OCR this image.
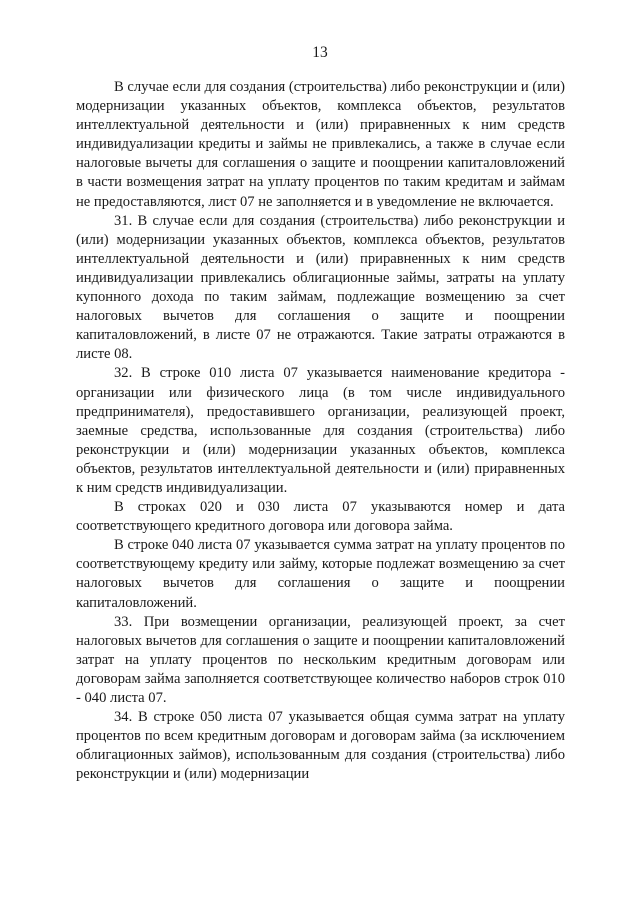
13

В случае если для создания (строительства) либо реконструкции и (или) модернизации указанных объектов, комплекса объектов, результатов интеллектуальной деятельности и (или) приравненных к ним средств индивидуализации кредиты и займы не привлекались, а также в случае если налоговые вычеты для соглашения о защите и поощрении капиталовложений в части возмещения затрат на уплату процентов по таким кредитам и займам не предоставляются, лист 07 не заполняется и в уведомление не включается.

31. В случае если для создания (строительства) либо реконструкции и (или) модернизации указанных объектов, комплекса объектов, результатов интеллектуальной деятельности и (или) приравненных к ним средств индивидуализации привлекались облигационные займы, затраты на уплату купонного дохода по таким займам, подлежащие возмещению за счет налоговых вычетов для соглашения о защите и поощрении капиталовложений, в листе 07 не отражаются. Такие затраты отражаются в листе 08.

32. В строке 010 листа 07 указывается наименование кредитора - организации или физического лица (в том числе индивидуального предпринимателя), предоставившего организации, реализующей проект, заемные средства, использованные для создания (строительства) либо реконструкции и (или) модернизации указанных объектов, комплекса объектов, результатов интеллектуальной деятельности и (или) приравненных к ним средств индивидуализации.

В строках 020 и 030 листа 07 указываются номер и дата соответствующего кредитного договора или договора займа.

В строке 040 листа 07 указывается сумма затрат на уплату процентов по соответствующему кредиту или займу, которые подлежат возмещению за счет налоговых вычетов для соглашения о защите и поощрении капиталовложений.

33. При возмещении организации, реализующей проект, за счет налоговых вычетов для соглашения о защите и поощрении капиталовложений затрат на уплату процентов по нескольким кредитным договорам или договорам займа заполняется соответствующее количество наборов строк 010 - 040 листа 07.

34. В строке 050 листа 07 указывается общая сумма затрат на уплату процентов по всем кредитным договорам и договорам займа (за исключением облигационных займов), использованным для создания (строительства) либо реконструкции и (или) модернизации
